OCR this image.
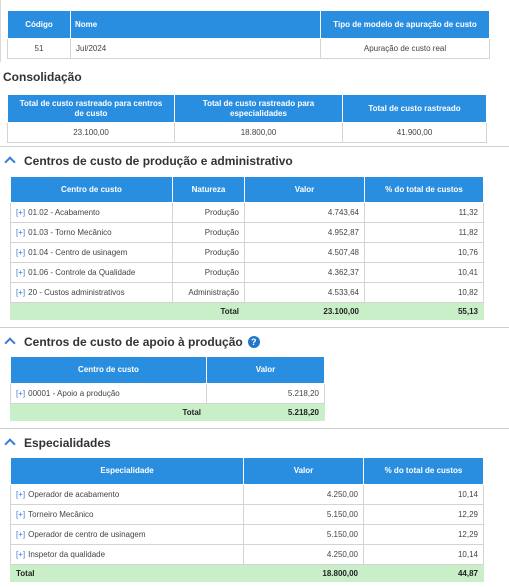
Código	Nome	Tipo de modelo de apuração de custo
51	Jul/2024	Apuração de custo real
Consolidação
Total de custo rastreado para centros de custo	Total de custo rastreado para especialidades	Total de custo rastreado
23.100,00	18.800,00	41.900,00
Centros de custo de produção e administrativo
Centro de custo	Natureza	Valor	% do total de custos
[+] 01.02 - Acabamento	Produção	4.743,64	11,32
[+] 01.03 - Torno Mecânico	Produção	4.952,87	11,82
[+] 01.04 - Centro de usinagem	Produção	4.507,48	10,76
[+] 01.06 - Controle da Qualidade	Produção	4.362,37	10,41
[+] 20 - Custos administrativos	Administração	4.533,64	10,82
Total		23.100,00	55,13
Centros de custo de apoio à produção ?
Centro de custo	Valor
[+] 00001 - Apoio a produção	5.218,20
Total	5.218,20
Especialidades
Especialidade	Valor	% do total de custos
[+] Operador de acabamento	4.250,00	10,14
[+] Torneiro Mecânico	5.150,00	12,29
[+] Operador de centro de usinagem	5.150,00	12,29
[+] Inspetor da qualidade	4.250,00	10,14
Total	18.800,00	44,87
